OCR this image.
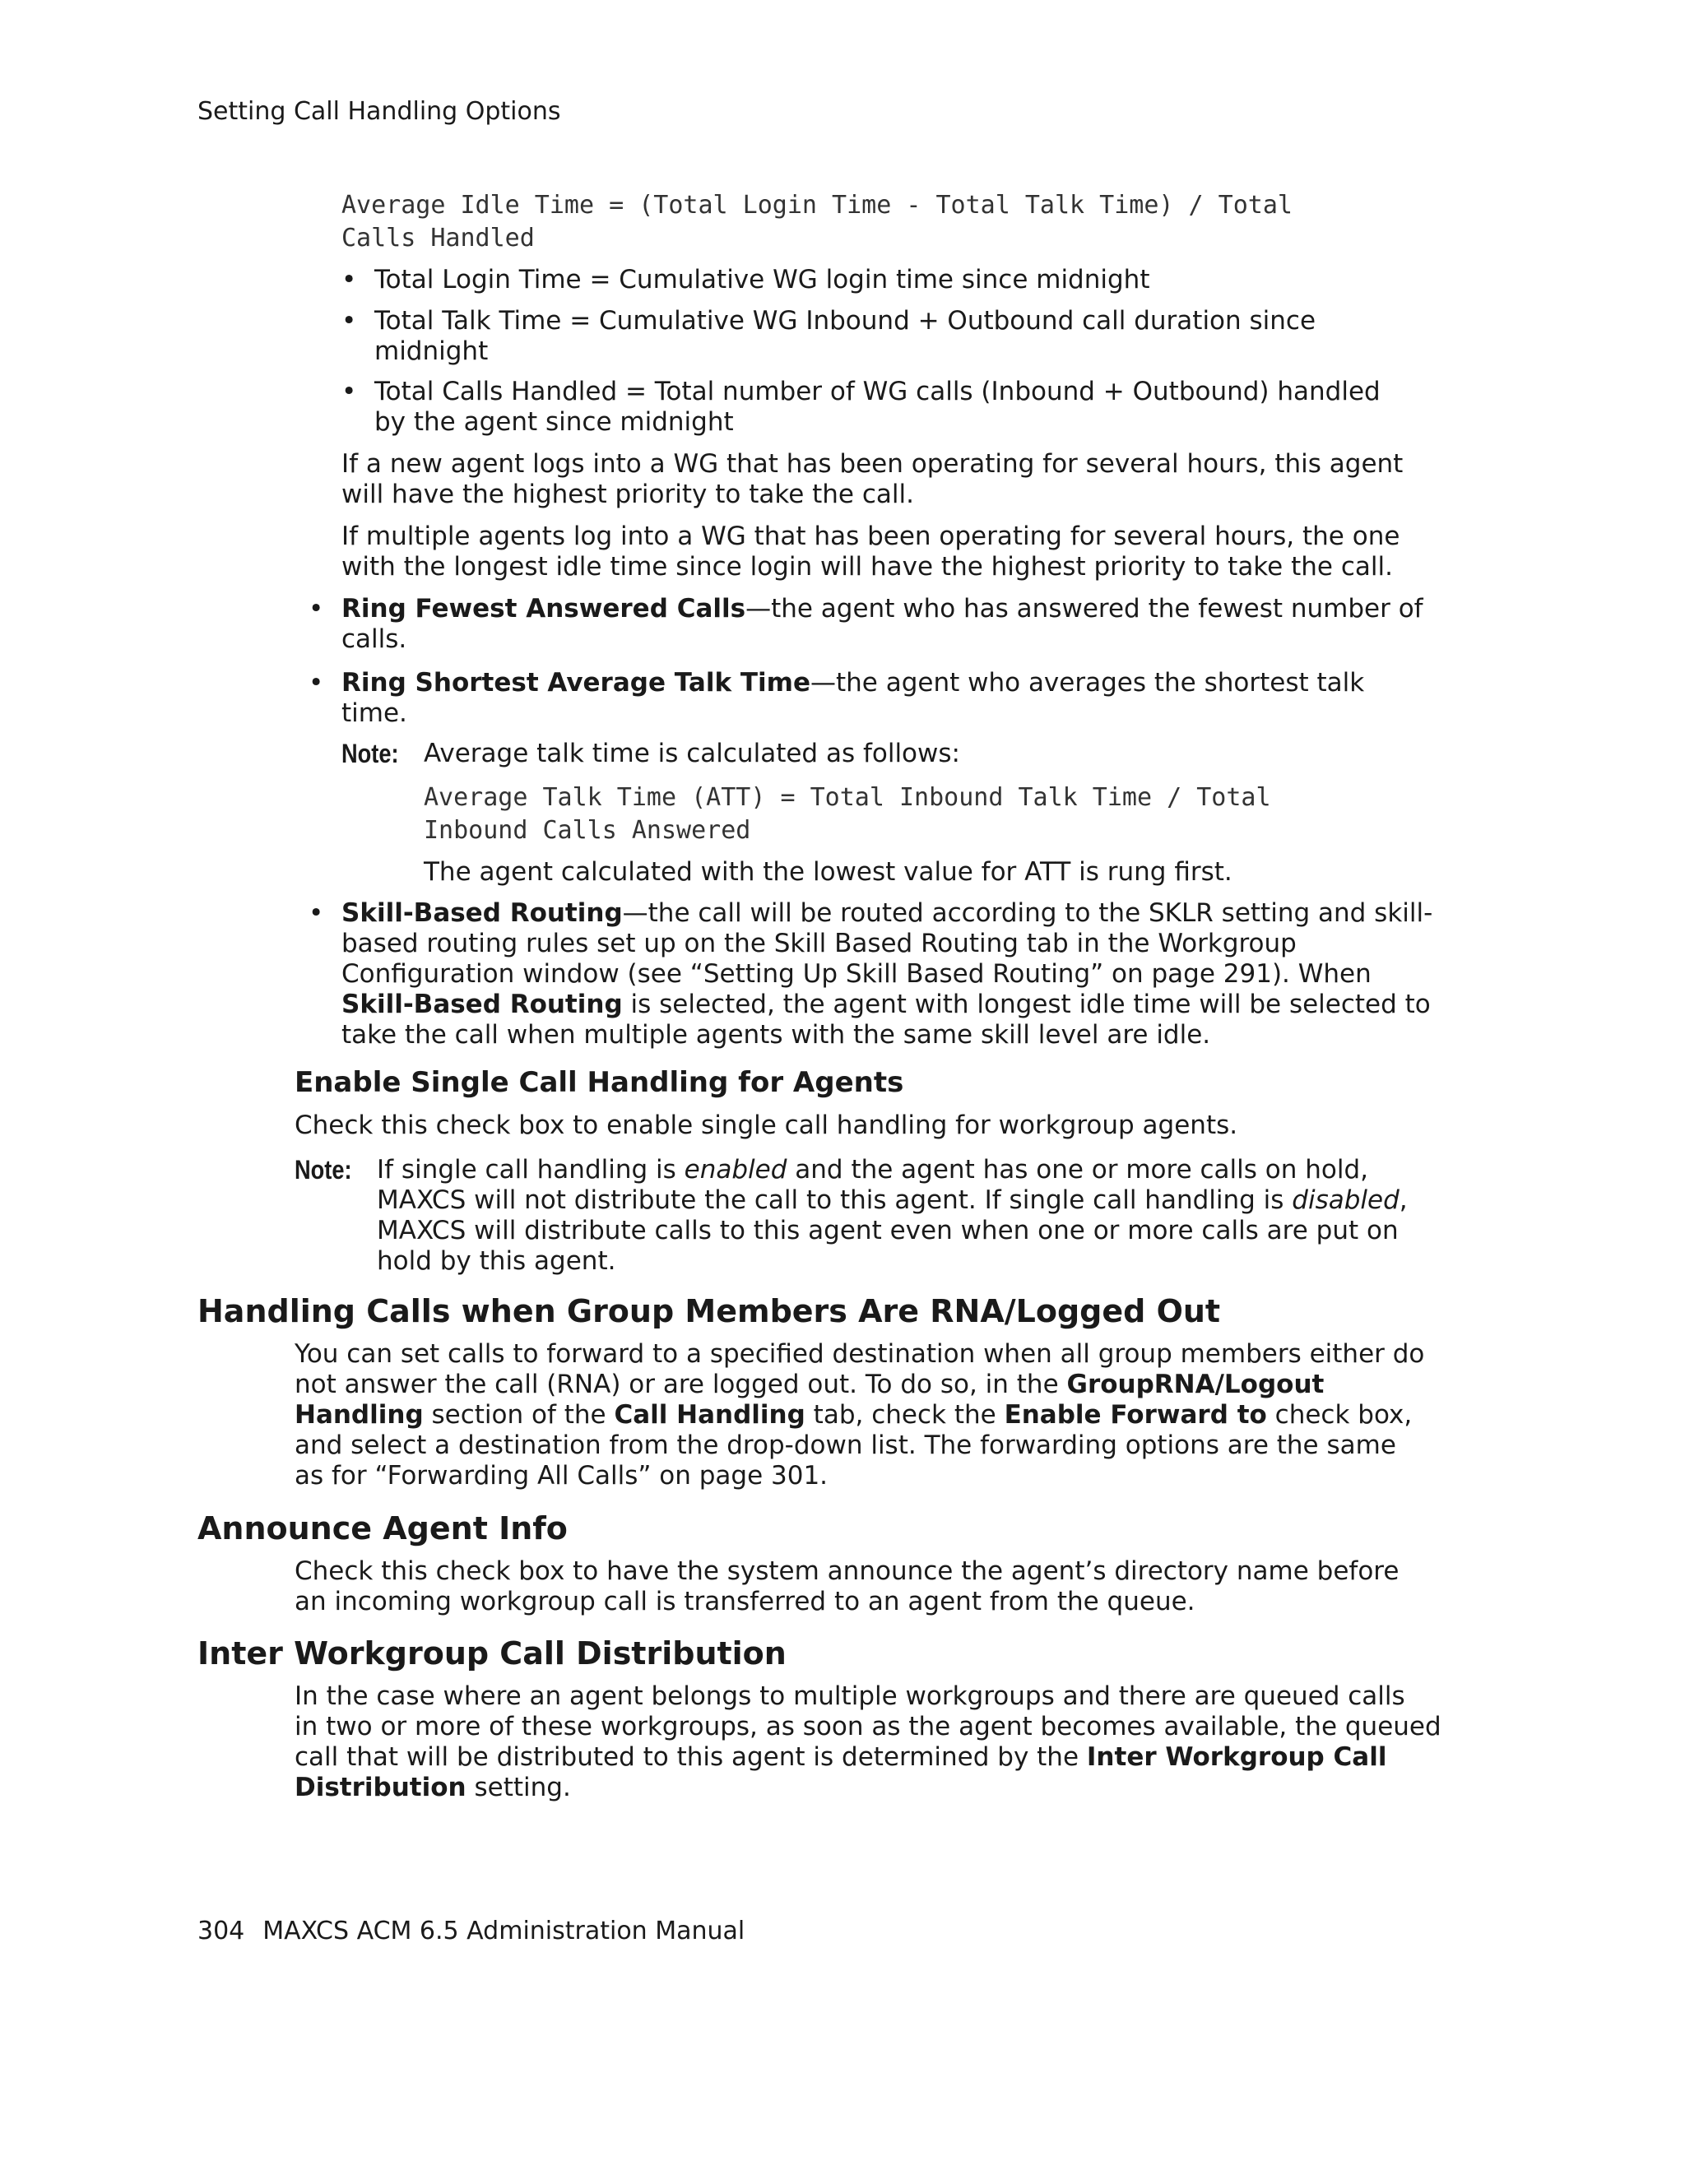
Setting Call Handling Options
Average Idle Time = (Total Login Time - Total Talk Time) / Total
Calls Handled
• Total Login Time = Cumulative WG login time since midnight
• Total Talk Time = Cumulative WG Inbound + Outbound call duration since
midnight
• Total Calls Handled = Total number of WG calls (Inbound + Outbound) handled
by the agent since midnight
If a new agent logs into a WG that has been operating for several hours, this agent
will have the highest priority to take the call.
If multiple agents log into a WG that has been operating for several hours, the one
with the longest idle time since login will have the highest priority to take the call.
• Ring Fewest Answered Calls—the agent who has answered the fewest number of
calls.
• Ring Shortest Average Talk Time—the agent who averages the shortest talk
time.
Note: Average talk time is calculated as follows:
Average Talk Time (ATT) = Total Inbound Talk Time / Total
Inbound Calls Answered
The agent calculated with the lowest value for ATT is rung first.
• Skill-Based Routing—the call will be routed according to the SKLR setting and skill-
based routing rules set up on the Skill Based Routing tab in the Workgroup
Configuration window (see “Setting Up Skill Based Routing” on page 291). When
Skill-Based Routing is selected, the agent with longest idle time will be selected to
take the call when multiple agents with the same skill level are idle.
Enable Single Call Handling for Agents
Check this check box to enable single call handling for workgroup agents.
Note: If single call handling is enabled and the agent has one or more calls on hold,
MAXCS will not distribute the call to this agent. If single call handling is disabled,
MAXCS will distribute calls to this agent even when one or more calls are put on
hold by this agent.
Handling Calls when Group Members Are RNA/Logged Out
You can set calls to forward to a specified destination when all group members either do
not answer the call (RNA) or are logged out. To do so, in the GroupRNA/Logout
Handling section of the Call Handling tab, check the Enable Forward to check box,
and select a destination from the drop-down list. The forwarding options are the same
as for “Forwarding All Calls” on page 301.
Announce Agent Info
Check this check box to have the system announce the agent’s directory name before
an incoming workgroup call is transferred to an agent from the queue.
Inter Workgroup Call Distribution
In the case where an agent belongs to multiple workgroups and there are queued calls
in two or more of these workgroups, as soon as the agent becomes available, the queued
call that will be distributed to this agent is determined by the Inter Workgroup Call
Distribution setting.
304 MAXCS ACM 6.5 Administration Manual
